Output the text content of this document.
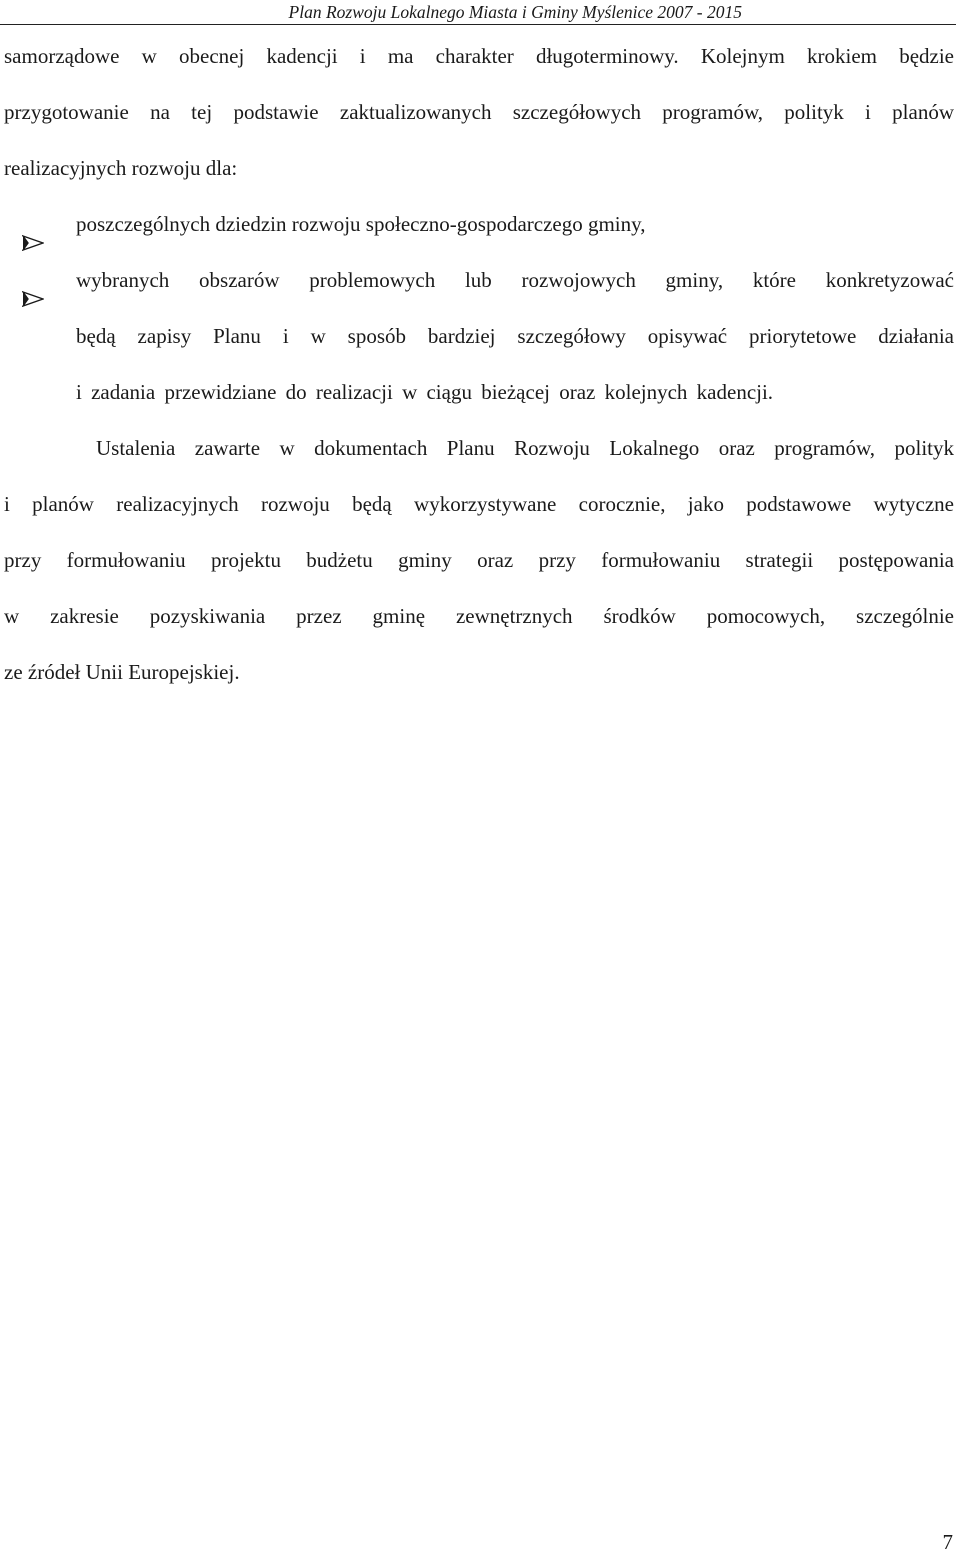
Plan Rozwoju Lokalnego Miasta i Gminy Myślenice 2007 - 2015
samorządowe w obecnej kadencji i ma charakter długoterminowy. Kolejnym krokiem będzie
przygotowanie na tej podstawie zaktualizowanych szczegółowych programów, polityk i planów
realizacyjnych rozwoju dla:
poszczególnych dziedzin rozwoju społeczno-gospodarczego gminy,
wybranych obszarów problemowych lub rozwojowych gminy, które konkretyzować
będą zapisy Planu i w sposób bardziej szczegółowy opisywać priorytetowe działania
i zadania przewidziane do realizacji w ciągu bieżącej oraz kolejnych kadencji.
Ustalenia zawarte w dokumentach Planu Rozwoju Lokalnego oraz programów, polityk
i planów realizacyjnych rozwoju będą wykorzystywane corocznie, jako podstawowe wytyczne
przy formułowaniu projektu budżetu gminy oraz przy formułowaniu strategii postępowania
w zakresie pozyskiwania przez gminę zewnętrznych środków pomocowych, szczególnie
ze źródeł Unii Europejskiej.
7
